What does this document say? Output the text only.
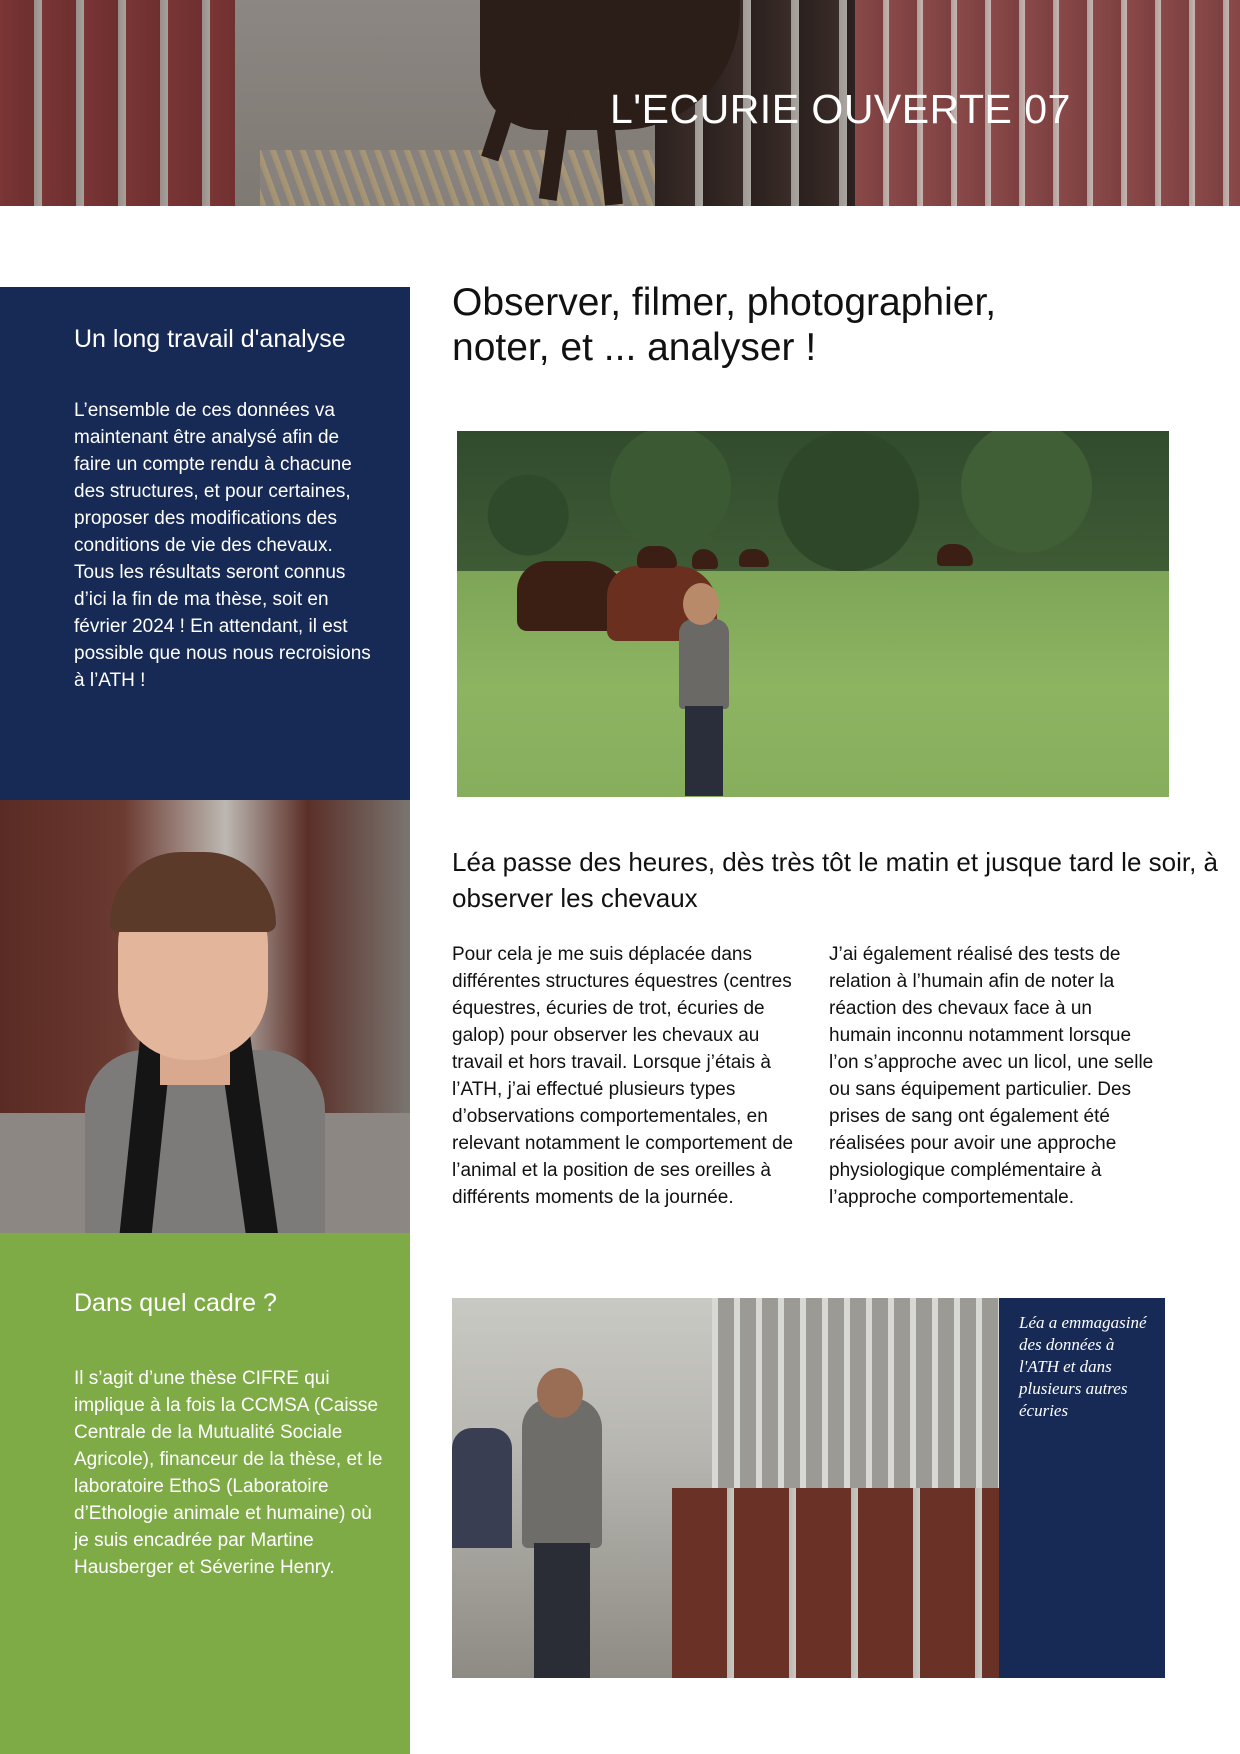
L'ECURIE OUVERTE 07
Un long travail d'analyse

L’ensemble de ces données va maintenant être analysé afin de faire un compte rendu à chacune des structures, et pour certaines, proposer des modifications des conditions de vie des chevaux. Tous les résultats seront connus d’ici la fin de ma thèse, soit en février 2024 ! En attendant, il est possible que nous nous recroisions à l’ATH !

Dans quel cadre ?

Il s’agit d’une thèse CIFRE qui implique à la fois la CCMSA (Caisse Centrale de la Mutualité Sociale Agricole), financeur de la thèse, et le laboratoire EthoS (Laboratoire d’Ethologie animale et humaine) où je suis encadrée par Martine Hausberger et Séverine Henry.

Observer, filmer, photographier, noter, et ... analyser !
Léa passe des heures, dès très tôt le matin et jusque tard le soir, à observer les chevaux

Pour cela je me suis déplacée dans différentes structures équestres (centres équestres, écuries de trot, écuries de galop) pour observer les chevaux au travail et hors travail. Lorsque j’étais à l’ATH, j’ai effectué plusieurs types d’observations comportementales, en relevant notamment le comportement de l’animal et la position de ses oreilles à différents moments de la journée.

J’ai également réalisé des tests de relation à l’humain afin de noter la réaction des chevaux face à un humain inconnu notamment lorsque l’on s’approche avec un licol, une selle ou sans équipement particulier. Des prises de sang ont également été réalisées pour avoir une approche physiologique complémentaire à l’approche comportementale.

Léa a emmagasiné des données à l'ATH et dans plusieurs autres écuries
